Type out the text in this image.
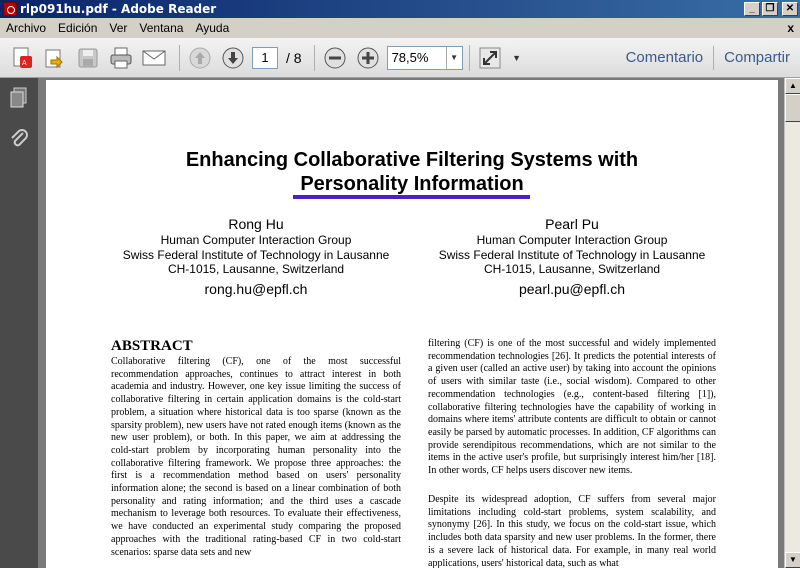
rlp091hu.pdf - Adobe Reader	_	❐	✕
Archivo	Edición	Ver	Ventana	Ayuda	x
A	1	/ 8	78,5%	▼	▼	Comentario	Compartir
Enhancing Collaborative Filtering Systems with
Personality Information
Rong Hu
Human Computer Interaction Group
Swiss Federal Institute of Technology in Lausanne
CH-1015, Lausanne, Switzerland
rong.hu@epfl.ch
Pearl Pu
Human Computer Interaction Group
Swiss Federal Institute of Technology in Lausanne
CH-1015, Lausanne, Switzerland
pearl.pu@epfl.ch
ABSTRACT
Collaborative filtering (CF), one of the most successful recommendation approaches, continues to attract interest in both academia and industry. However, one key issue limiting the success of collaborative filtering in certain application domains is the cold-start problem, a situation where historical data is too sparse (known as the sparsity problem), new users have not rated enough items (known as the new user problem), or both. In this paper, we aim at addressing the cold-start problem by incorporating human personality into the collaborative filtering framework. We propose three approaches: the first is a recommendation method based on users' personality information alone; the second is based on a linear combination of both personality and rating information; and the third uses a cascade mechanism to leverage both resources. To evaluate their effectiveness, we have conducted an experimental study comparing the proposed approaches with the traditional rating-based CF in two cold-start scenarios: sparse data sets and new
filtering (CF) is one of the most successful and widely implemented recommendation technologies [26]. It predicts the potential interests of a given user (called an active user) by taking into account the opinions of users with similar taste (i.e., social wisdom). Compared to other recommendation technologies (e.g., content-based filtering [1]), collaborative filtering technologies have the capability of working in domains where items' attribute contents are difficult to obtain or cannot easily be parsed by automatic processes. In addition, CF algorithms can provide serendipitous recommendations, which are not similar to the items in the active user's profile, but surprisingly interest him/her [18]. In other words, CF helps users discover new items.
Despite its widespread adoption, CF suffers from several major limitations including cold-start problems, system scalability, and synonymy [26]. In this study, we focus on the cold-start issue, which includes both data sparsity and new user problems. In the former, there is a severe lack of historical data. For example, in many real world applications, users' historical data, such as what
▲
▼
